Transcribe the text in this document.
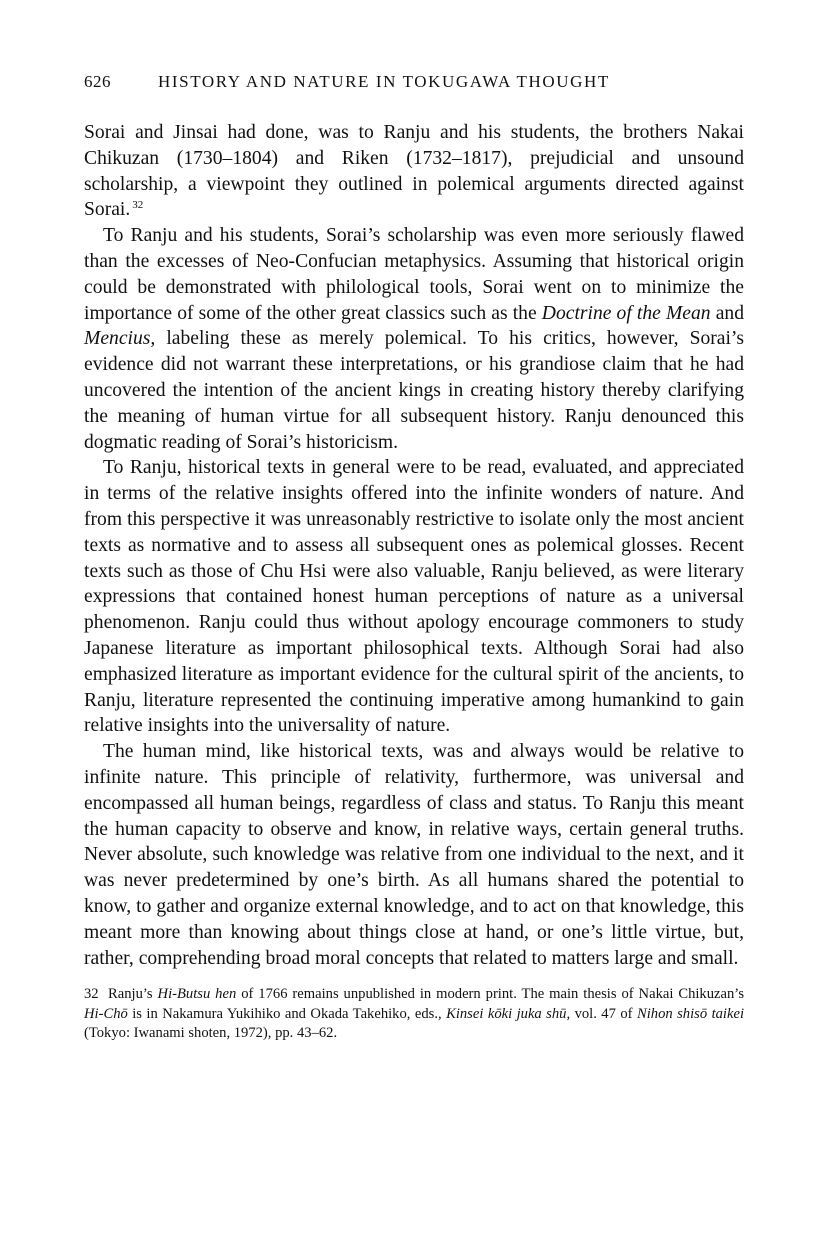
626	HISTORY AND NATURE IN TOKUGAWA THOUGHT

Sorai and Jinsai had done, was to Ranju and his students, the brothers Nakai Chikuzan (1730–1804) and Riken (1732–1817), prejudicial and unsound scholarship, a viewpoint they outlined in polemical arguments directed against Sorai. $^{32}$

To Ranju and his students, Sorai’s scholarship was even more seriously flawed than the excesses of Neo-Confucian metaphysics. Assuming that historical origin could be demonstrated with philological tools, Sorai went on to minimize the importance of some of the other great classics such as the Doctrine of the Mean and Mencius, labeling these as merely polemical. To his critics, however, Sorai’s evidence did not warrant these interpretations, or his grandiose claim that he had uncovered the intention of the ancient kings in creating history thereby clarifying the meaning of human virtue for all subsequent history. Ranju denounced this dogmatic reading of Sorai’s historicism.

To Ranju, historical texts in general were to be read, evaluated, and appreciated in terms of the relative insights offered into the infinite wonders of nature. And from this perspective it was unreasonably restrictive to isolate only the most ancient texts as normative and to assess all subsequent ones as polemical glosses. Recent texts such as those of Chu Hsi were also valuable, Ranju believed, as were literary expressions that contained honest human perceptions of nature as a universal phenomenon. Ranju could thus without apology encourage commoners to study Japanese literature as important philosophical texts. Although Sorai had also emphasized literature as important evidence for the cultural spirit of the ancients, to Ranju, literature represented the continuing imperative among humankind to gain relative insights into the universality of nature.

The human mind, like historical texts, was and always would be relative to infinite nature. This principle of relativity, furthermore, was universal and encompassed all human beings, regardless of class and status. To Ranju this meant the human capacity to observe and know, in relative ways, certain general truths. Never absolute, such knowledge was relative from one individual to the next, and it was never predetermined by one’s birth. As all humans shared the potential to know, to gather and organize external knowledge, and to act on that knowledge, this meant more than knowing about things close at hand, or one’s little virtue, but, rather, comprehending broad moral concepts that related to matters large and small.

32 Ranju’s Hi-Butsu hen of 1766 remains unpublished in modern print. The main thesis of Nakai Chikuzan’s Hi-Chō is in Nakamura Yukihiko and Okada Takehiko, eds., Kinsei kōki juka shū, vol. 47 of Nihon shisō taikei (Tokyo: Iwanami shoten, 1972), pp. 43–62.
